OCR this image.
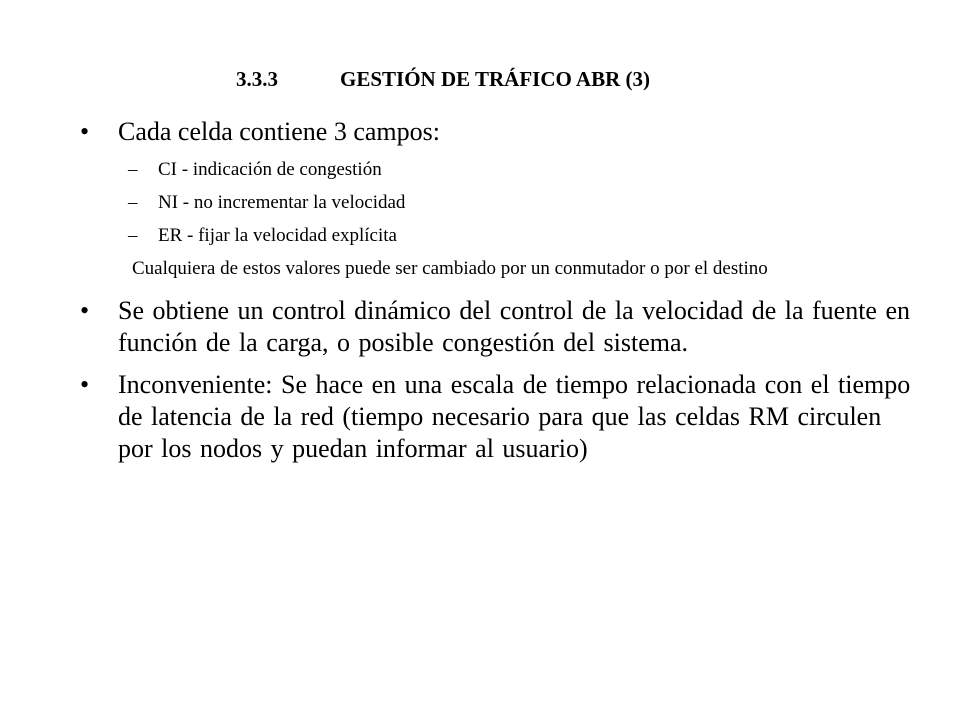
3.3.3	GESTIÓN DE TRÁFICO ABR (3)
• Cada celda contiene 3 campos:
– CI - indicación de congestión
– NI - no incrementar la velocidad
– ER - fijar la velocidad explícita
Cualquiera de estos valores puede ser cambiado por un conmutador o por el destino
• Se obtiene un control dinámico del control de la velocidad de la fuente en función de la carga, o posible congestión del sistema.
• Inconveniente: Se hace en una escala de tiempo relacionada con el tiempo de latencia de la red (tiempo necesario para que las celdas RM circulen por los nodos y puedan informar al usuario)
